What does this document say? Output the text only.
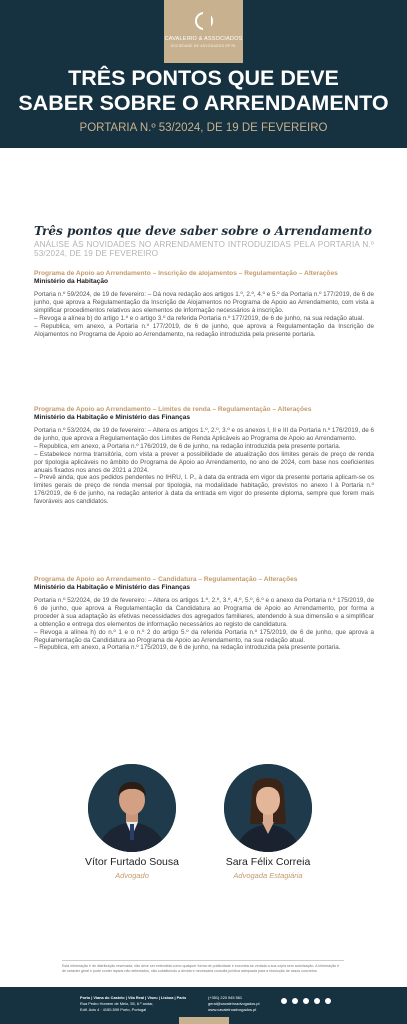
CAVALEIRO & ASSOCIADOS
SOCIEDADE DE ADVOGADOS SP RL
TRÊS PONTOS QUE DEVE
SABER SOBRE O ARRENDAMENTO
PORTARIA N.º 53/2024, DE 19 DE FEVEREIRO
Três pontos que deve saber sobre o Arrendamento
ANÁLISE ÀS NOVIDADES NO ARRENDAMENTO INTRODUZIDAS PELA PORTARIA N.º 53/2024, DE 19 DE FEVEREIRO
Programa de Apoio ao Arrendamento – Inscrição de alojamentos – Regulamentação – Alterações
Ministério da Habitação
Portaria n.º 59/2024, de 19 de fevereiro: – Dá nova redação aos artigos 1.º, 2.º, 4.º e 5.º da Portaria n.º 177/2019, de 6 de junho, que aprova a Regulamentação da Inscrição de Alojamentos no Programa de Apoio ao Arrendamento, com vista a simplificar procedimentos relativos aos elementos de informação necessários à inscrição.
– Revoga a alínea b) do artigo 1.º e o artigo 3.º da referida Portaria n.º 177/2019, de 6 de junho, na sua redação atual.
– Republica, em anexo, a Portaria n.º 177/2019, de 6 de junho, que aprova a Regulamentação da Inscrição de Alojamentos no Programa de Apoio ao Arrendamento, na redação introduzida pela presente portaria.
Programa de Apoio ao Arrendamento – Limites de renda – Regulamentação – Alterações
Ministério da Habitação e Ministério das Finanças
Portaria n.º 53/2024, de 19 de fevereiro: – Altera os artigos 1.º, 2.º, 3.º e os anexos I, II e III da Portaria n.º 176/2019, de 6 de junho, que aprova a Regulamentação dos Limites de Renda Aplicáveis ao Programa de Apoio ao Arrendamento.
– Republica, em anexo, a Portaria n.º 176/2019, de 6 de junho, na redação introduzida pela presente portaria.
– Estabelece norma transitória, com vista a prever a possibilidade de atualização dos limites gerais de preço de renda por tipologia aplicáveis no âmbito do Programa de Apoio ao Arrendamento, no ano de 2024, com base nos coeficientes anuais fixados nos anos de 2021 a 2024.
– Prevê ainda, que aos pedidos pendentes no IHRU, I. P., à data da entrada em vigor da presente portaria aplicam-se os limites gerais de preço de renda mensal por tipologia, na modalidade habitação, previstos no anexo I à Portaria n.º 176/2019, de 6 de junho, na redação anterior à data da entrada em vigor do presente diploma, sempre que forem mais favoráveis aos candidatos.
Programa de Apoio ao Arrendamento – Candidatura – Regulamentação – Alterações
Ministério da Habitação e Ministério das Finanças
Portaria n.º 52/2024, de 19 de fevereiro: – Altera os artigos 1.º, 2.º, 3.º, 4.º, 5.º, 6.º e o anexo da Portaria n.º 175/2019, de 6 de junho, que aprova a Regulamentação da Candidatura ao Programa de Apoio ao Arrendamento, por forma a proceder à sua adaptação às efetivas necessidades dos agregados familiares, atendendo à sua dimensão e a simplificar a obtenção e entrega dos elementos de informação necessários ao registo de candidatura.
– Revoga a alínea h) do n.º 1 e o n.º 2 do artigo 5.º da referida Portaria n.º 175/2019, de 6 de junho, que aprova a Regulamentação da Candidatura ao Programa de Apoio ao Arrendamento, na sua redação atual.
– Republica, em anexo, a Portaria n.º 175/2019, de 6 de junho, na redação introduzida pela presente portaria.
Vítor Furtado Sousa
Advogado
Sara Félix Correia
Advogada Estagiária
Esta informação é de distribuição reservada, não deve ser entendida como qualquer forma de publicidade e encontra-se vedada a sua cópia sem autorização. A informação é de carácter geral e pode conter lapsos não detectados, não substituindo a devida e necessária consulta jurídica adequada para a resolução de casos concretos.
Porto | Viana do Castelo | Vila Real | Viseu | Lisboa | Paris
Rua Pedro Homem de Melo, 55, 6.º andar,
Edif. Axis 4 · 4150-599 Porto, Portugal
(+351) 220 945 561
geral@cavaleiroadvogados.pt
www.cavaleiroadvogados.pt
